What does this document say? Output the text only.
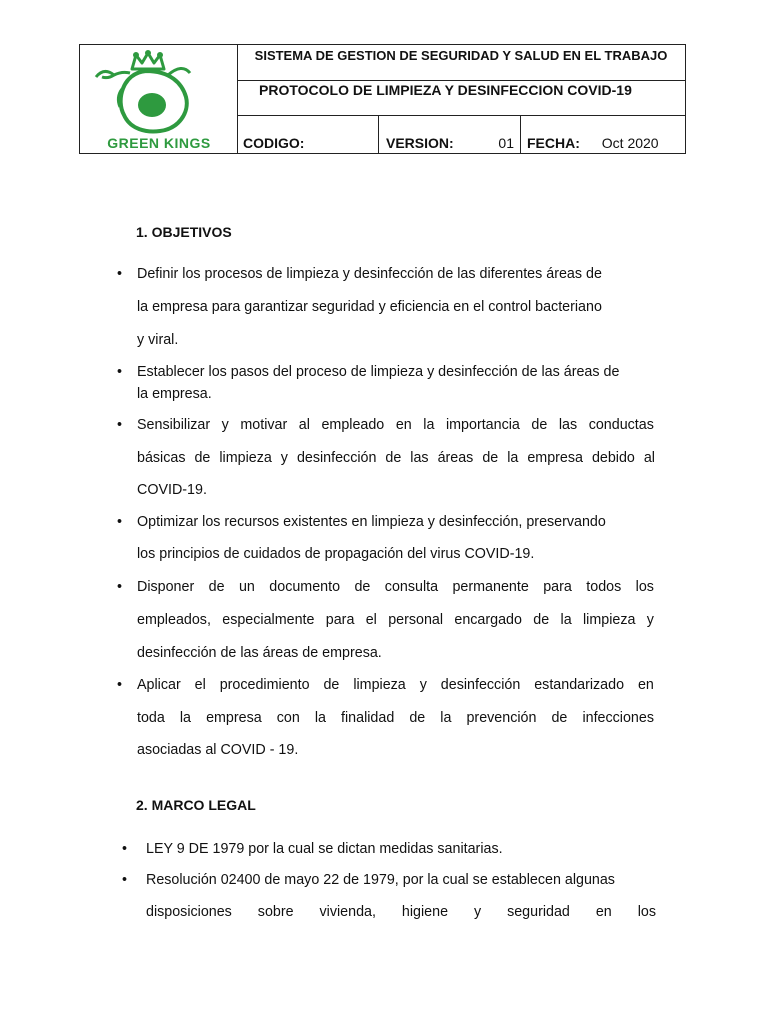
GREEN KINGS
SISTEMA DE GESTION DE SEGURIDAD Y SALUD EN EL TRABAJO
PROTOCOLO DE LIMPIEZA Y DESINFECCION COVID-19
CODIGO:	VERSION:	01 FECHA: Oct 2020
1. OBJETIVOS
• Definir los procesos de limpieza y desinfección de las diferentes áreas de
la empresa para garantizar seguridad y eficiencia en el control bacteriano
y viral.
• Establecer los pasos del proceso de limpieza y desinfección de las áreas de
la empresa.
• Sensibilizar y motivar al empleado en la importancia de las conductas
básicas de limpieza y desinfección de las áreas de la empresa debido al
COVID-19.
• Optimizar los recursos existentes en limpieza y desinfección, preservando
los principios de cuidados de propagación del virus COVID-19.
• Disponer de un documento de consulta permanente para todos los
empleados, especialmente para el personal encargado de la limpieza y
desinfección de las áreas de empresa.
• Aplicar el procedimiento de limpieza y desinfección estandarizado en
toda la empresa con la finalidad de la prevención de infecciones
asociadas al COVID - 19.
2. MARCO LEGAL
• LEY 9 DE 1979 por la cual se dictan medidas sanitarias.
• Resolución 02400 de mayo 22 de 1979, por la cual se establecen algunas
disposiciones sobre vivienda, higiene y seguridad en los
